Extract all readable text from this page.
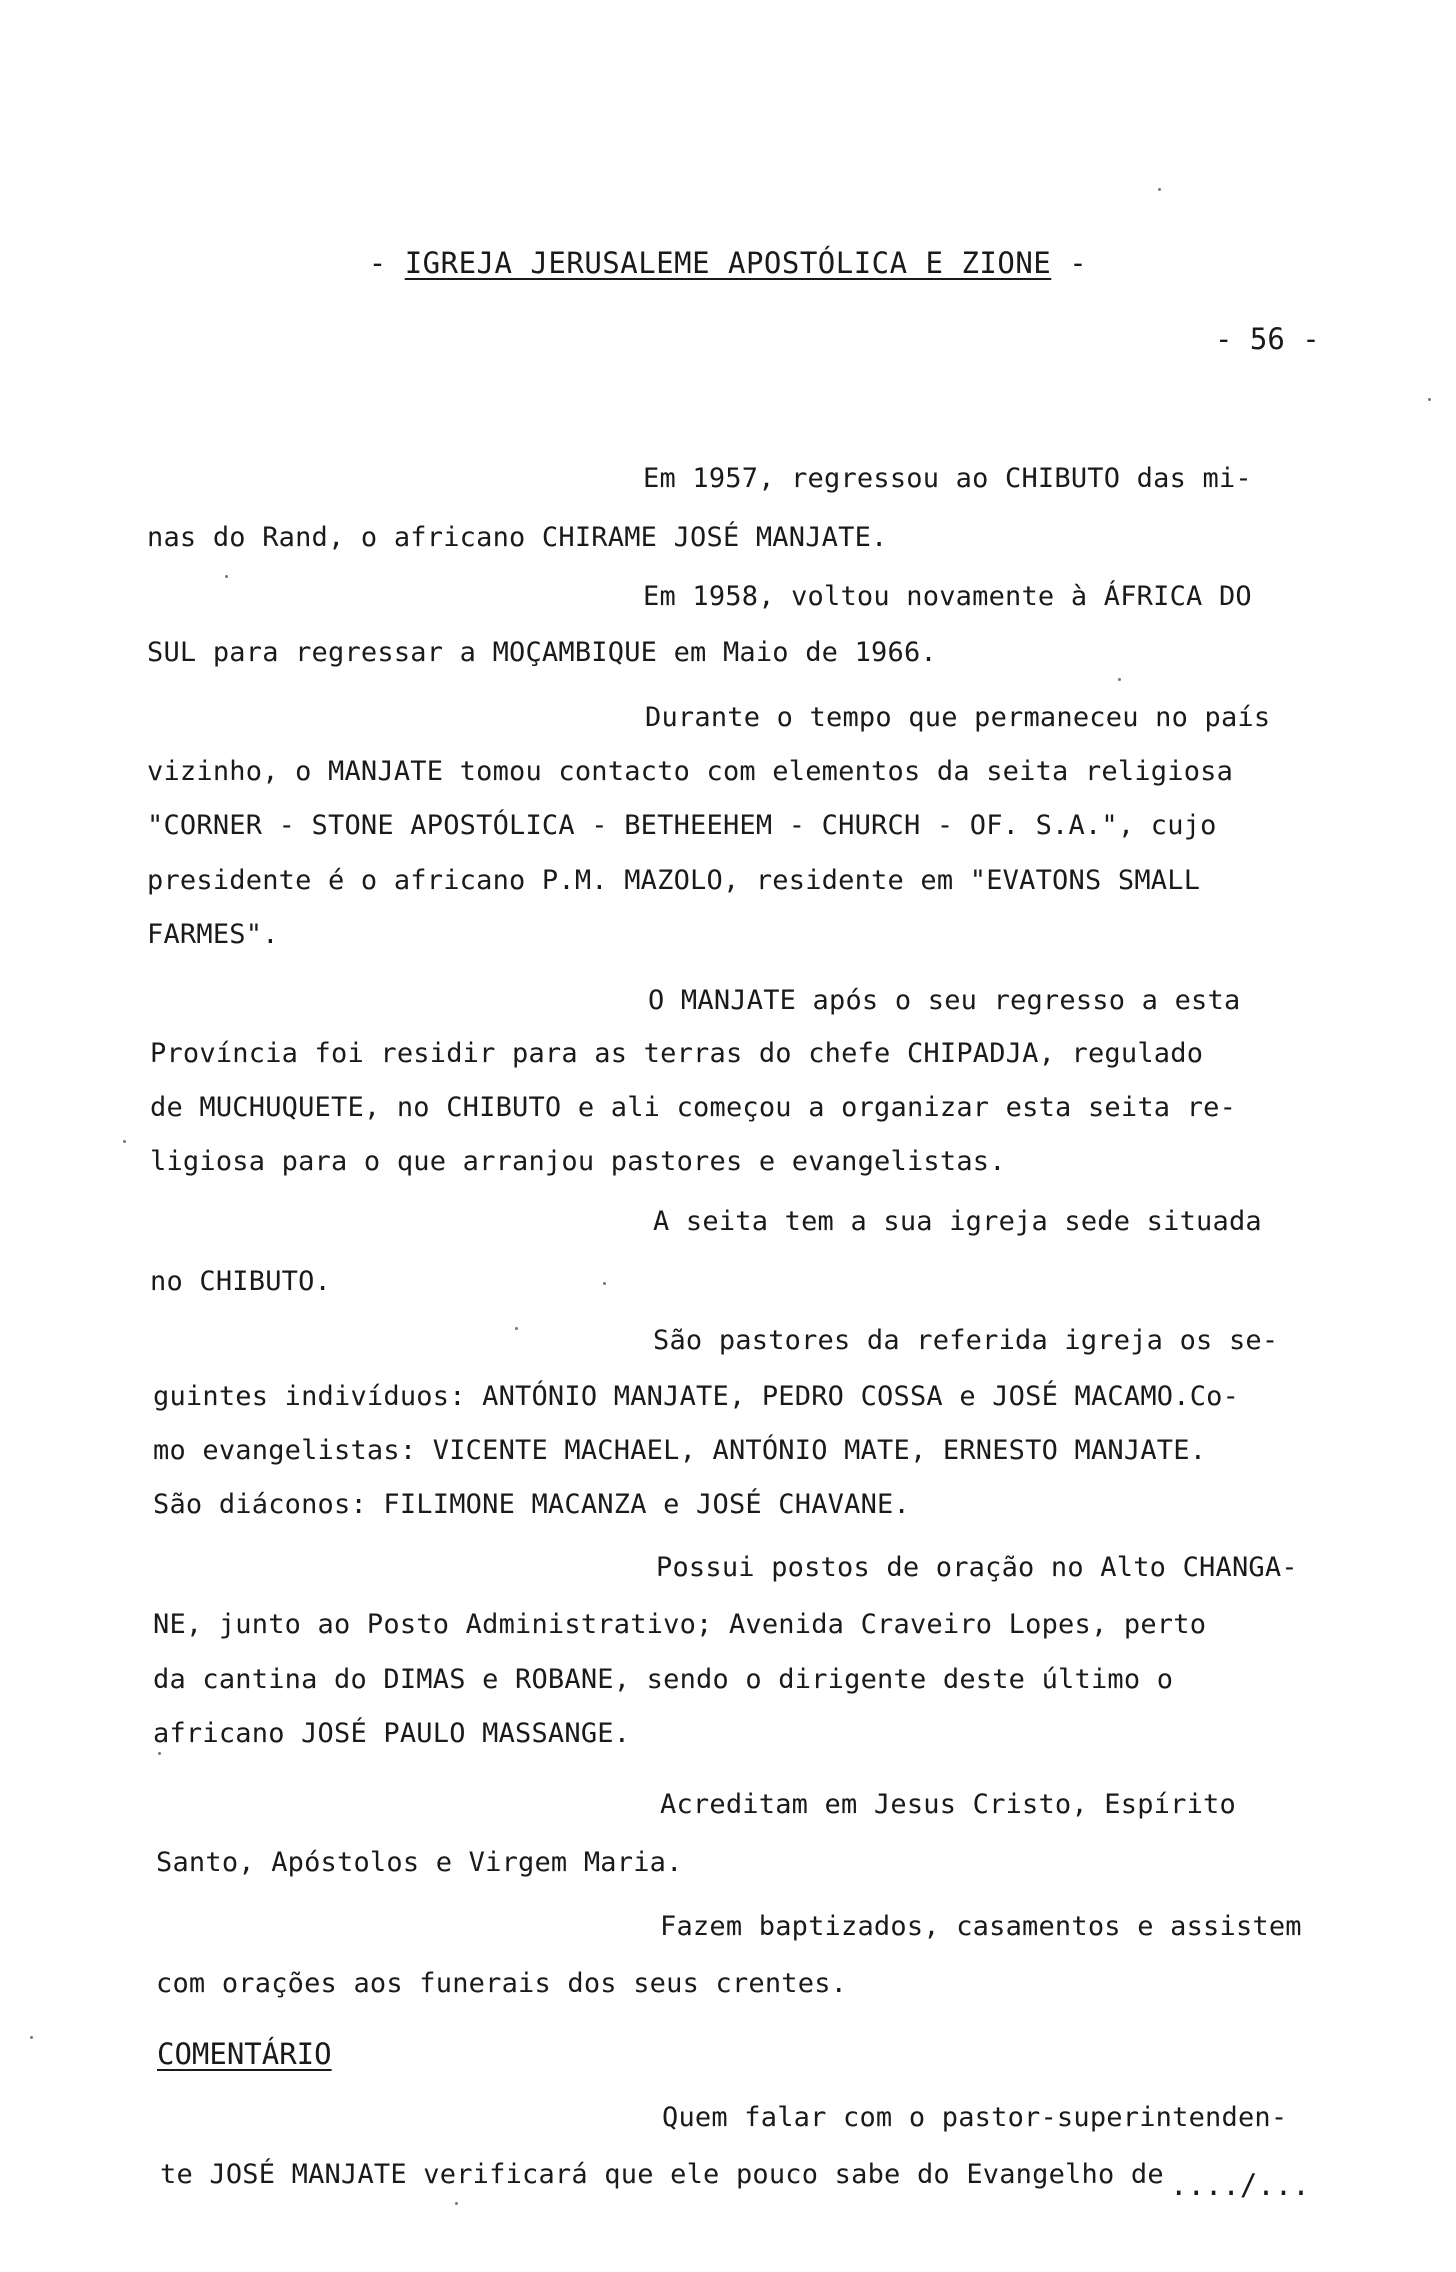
- IGREJA JERUSALEME APOSTÓLICA E ZIONE -
- 56 -
Em 1957, regressou ao CHIBUTO das mi-
nas do Rand, o africano CHIRAME JOSÉ MANJATE.
Em 1958, voltou novamente à ÁFRICA DO
SUL para regressar a MOÇAMBIQUE em Maio de 1966.
Durante o tempo que permaneceu no país
vizinho, o MANJATE tomou contacto com elementos da seita religiosa
"CORNER - STONE APOSTÓLICA - BETHEEHEM - CHURCH - OF. S.A.", cujo
presidente é o africano P.M. MAZOLO, residente em "EVATONS SMALL
FARMES".
O MANJATE após o seu regresso a esta
Província foi residir para as terras do chefe CHIPADJA, regulado
de MUCHUQUETE, no CHIBUTO e ali começou a organizar esta seita re-
ligiosa para o que arranjou pastores e evangelistas.
A seita tem a sua igreja sede situada
no CHIBUTO.
São pastores da referida igreja os se-
guintes indivíduos: ANTÓNIO MANJATE, PEDRO COSSA e JOSÉ MACAMO.Co-
mo evangelistas: VICENTE MACHAEL, ANTÓNIO MATE, ERNESTO MANJATE.
São diáconos: FILIMONE MACANZA e JOSÉ CHAVANE.
Possui postos de oração no Alto CHANGA-
NE, junto ao Posto Administrativo; Avenida Craveiro Lopes, perto
da cantina do DIMAS e ROBANE, sendo o dirigente deste último o
africano JOSÉ PAULO MASSANGE.
Acreditam em Jesus Cristo, Espírito
Santo, Apóstolos e Virgem Maria.
Fazem baptizados, casamentos e assistem
com orações aos funerais dos seus crentes.
COMENTÁRIO
Quem falar com o pastor-superintenden-
te JOSÉ MANJATE verificará que ele pouco sabe do Evangelho de ..../...
